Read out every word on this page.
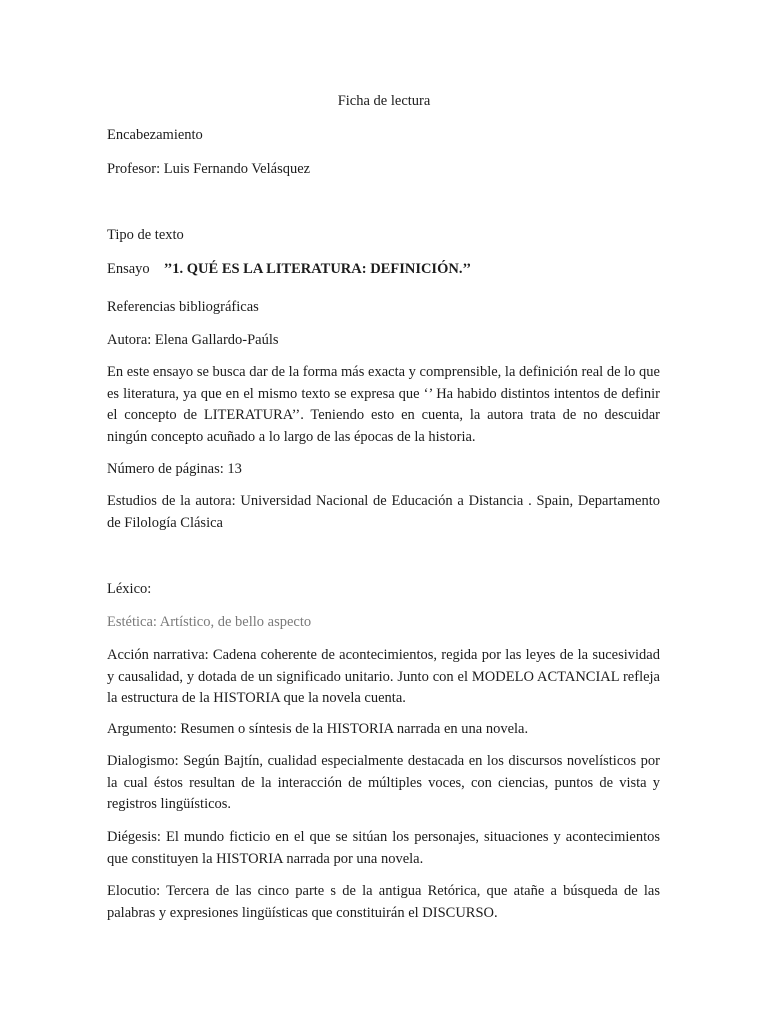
Ficha de lectura
Encabezamiento
Profesor: Luis Fernando Velásquez
Tipo de texto
Ensayo ’’1. QUÉ ES LA LITERATURA: DEFINICIÓN.’’
Referencias bibliográficas
Autora: Elena Gallardo-Paúls
En este ensayo se busca dar de la forma más exacta y comprensible, la definición real de lo que es literatura, ya que en el mismo texto se expresa que ‘’ Ha habido distintos intentos de definir el concepto de LITERATURA’’. Teniendo esto en cuenta, la autora trata de no descuidar ningún concepto acuñado a lo largo de las épocas de la historia.
Número de páginas: 13
Estudios de la autora: Universidad Nacional de Educación a Distancia . Spain, Departamento de Filología Clásica
Léxico:
Estética: Artístico, de bello aspecto
Acción narrativa: Cadena coherente de acontecimientos, regida por las leyes de la sucesividad y causalidad, y dotada de un significado unitario. Junto con el MODELO ACTANCIAL refleja la estructura de la HISTORIA que la novela cuenta.
Argumento: Resumen o síntesis de la HISTORIA narrada en una novela.
Dialogismo: Según Bajtín, cualidad especialmente destacada en los discursos novelísticos por la cual éstos resultan de la interacción de múltiples voces, con ciencias, puntos de vista y registros lingüísticos.
Diégesis: El mundo ficticio en el que se sitúan los personajes, situaciones y acontecimientos que constituyen la HISTORIA narrada por una novela.
Elocutio: Tercera de las cinco parte s de la antigua Retórica, que atañe a búsqueda de las palabras y expresiones lingüísticas que constituirán el DISCURSO.
